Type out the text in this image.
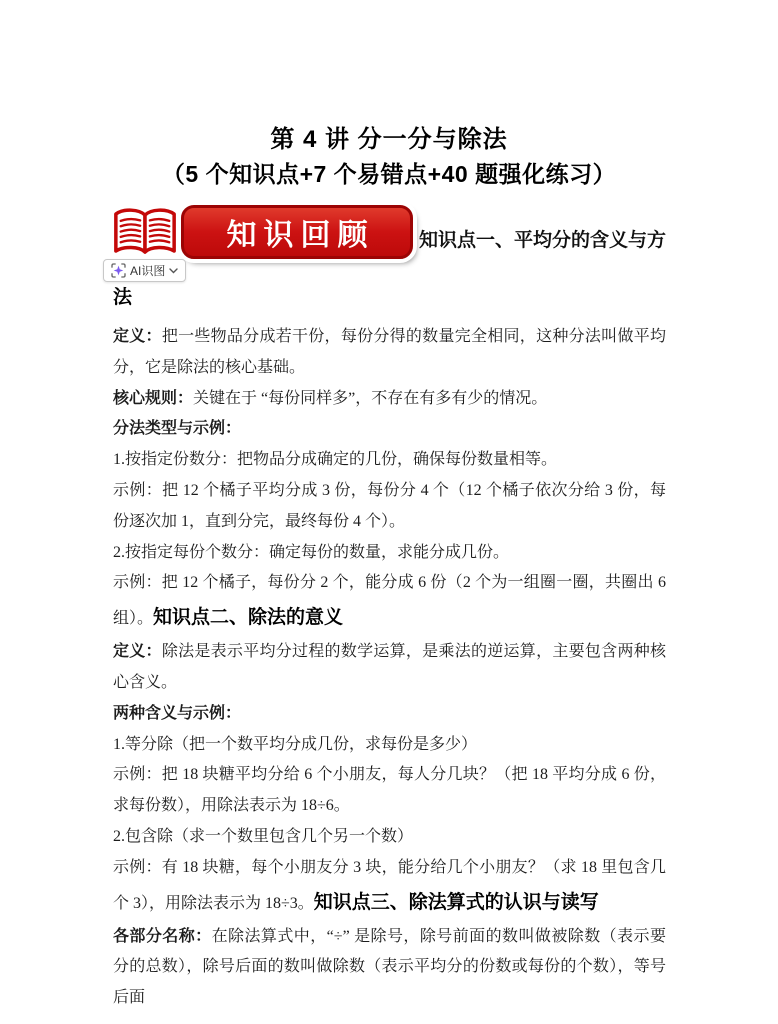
第 4 讲 分一分与除法
（5 个知识点+7 个易错点+40 题强化练习）
知识回顾 知识点一、平均分的含义与方
AI识图

法

定义：把一些物品分成若干份，每份分得的数量完全相同，这种分法叫做平均分，它是除法的核心基础。

核心规则：关键在于 “每份同样多”，不存在有多有少的情况。

分法类型与示例：

1.按指定份数分：把物品分成确定的几份，确保每份数量相等。

示例：把 12 个橘子平均分成 3 份，每份分 4 个（12 个橘子依次分给 3 份，每份逐次加 1，直到分完，最终每份 4 个）。

2.按指定每份个数分：确定每份的数量，求能分成几份。

示例：把 12 个橘子，每份分 2 个，能分成 6 份（2 个为一组圈一圈，共圈出 6 组）。知识点二、除法的意义

定义：除法是表示平均分过程的数学运算，是乘法的逆运算，主要包含两种核心含义。

两种含义与示例：

1.等分除（把一个数平均分成几份，求每份是多少）

示例：把 18 块糖平均分给 6 个小朋友，每人分几块？（把 18 平均分成 6 份，求每份数），用除法表示为 18÷6。

2.包含除（求一个数里包含几个另一个数）

示例：有 18 块糖，每个小朋友分 3 块，能分给几个小朋友？（求 18 里包含几个 3），用除法表示为 18÷3。知识点三、除法算式的认识与读写

各部分名称：在除法算式中，“÷” 是除号，除号前面的数叫做被除数（表示要分的总数），除号后面的数叫做除数（表示平均分的份数或每份的个数），等号后面
